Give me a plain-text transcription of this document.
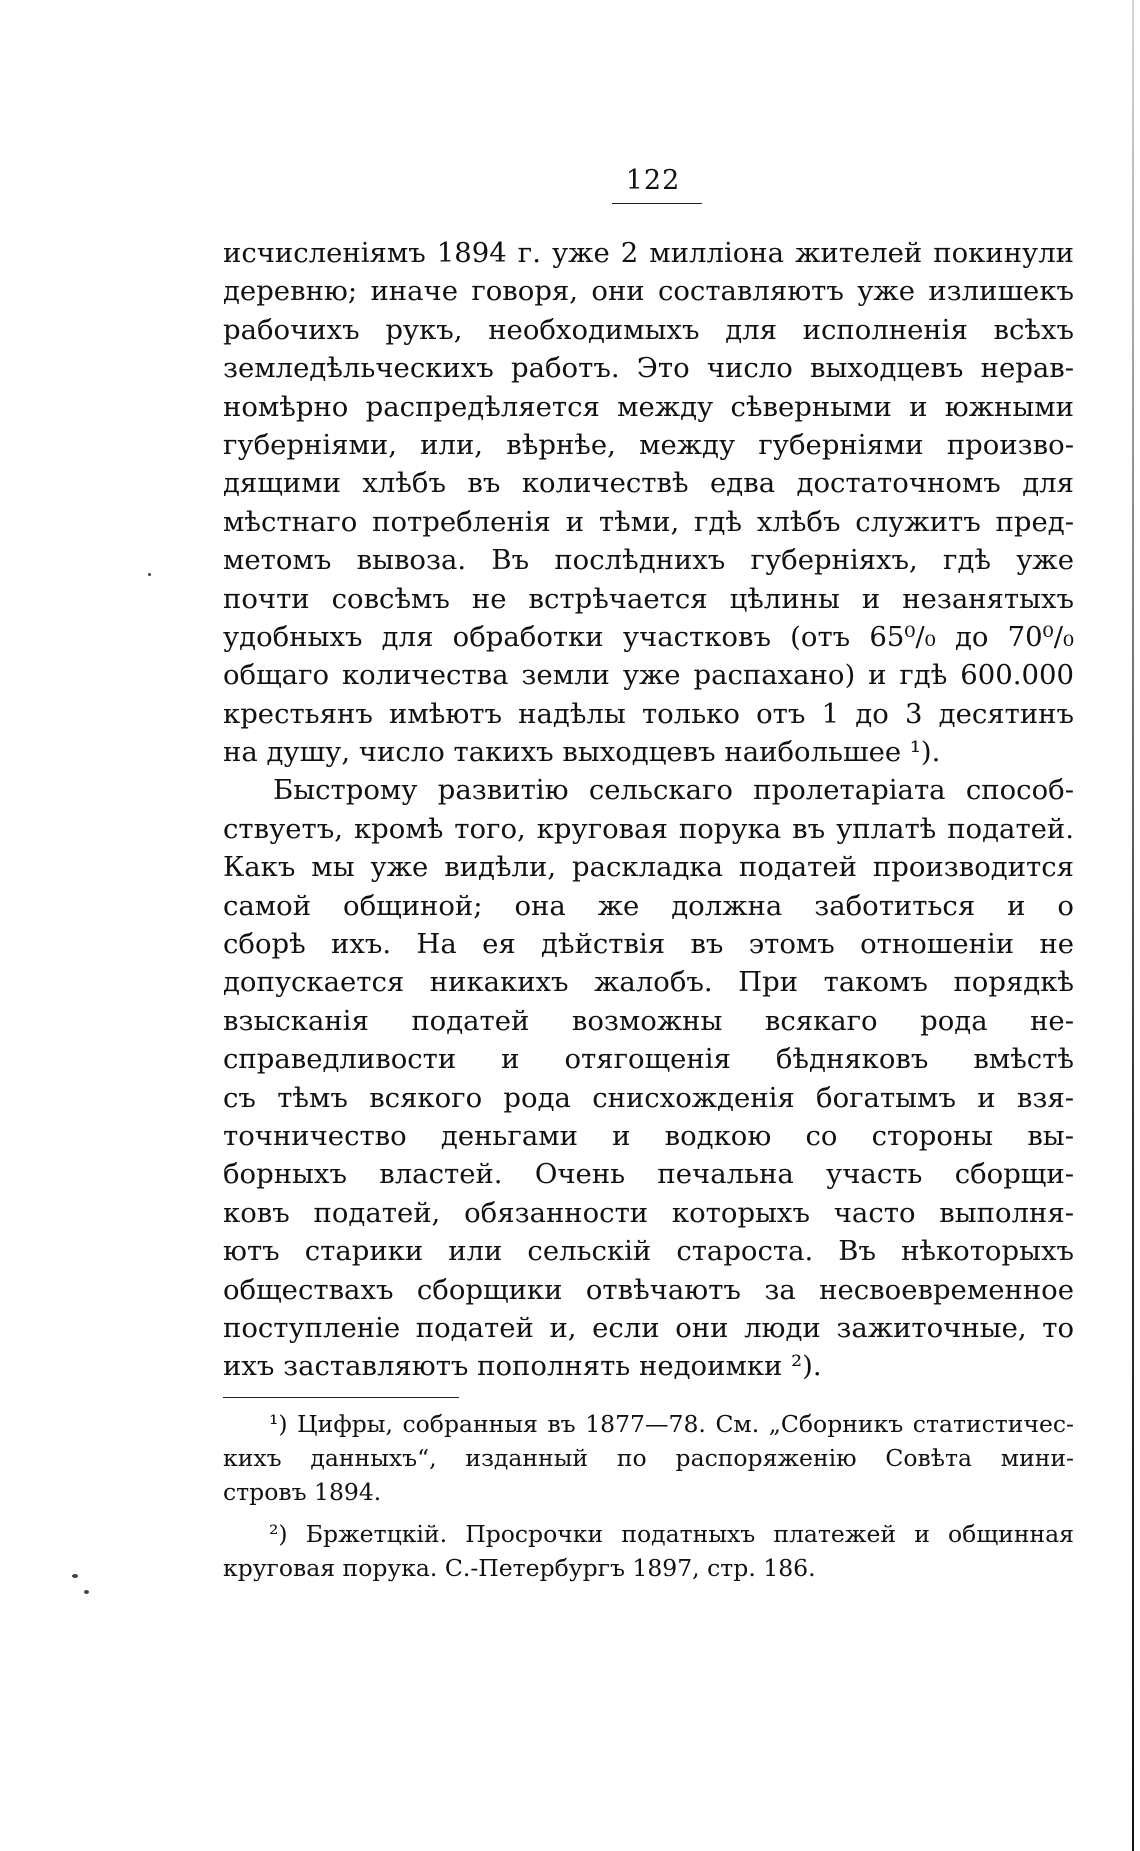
122
исчисленіямъ 1894 г. уже 2 милліона жителей покинули
деревню; иначе говоря, они составляютъ уже излишекъ
рабочихъ рукъ, необходимыхъ для исполненія всѣхъ
земледѣльческихъ работъ. Это число выходцевъ нерав-
номѣрно распредѣляется между сѣверными и южными
губерніями, или, вѣрнѣе, между губерніями произво-
дящими хлѣбъ въ количествѣ едва достаточномъ для
мѣстнаго потребленія и тѣми, гдѣ хлѣбъ служитъ пред-
метомъ вывоза. Въ послѣднихъ губерніяхъ, гдѣ уже
почти совсѣмъ не встрѣчается цѣлины и незанятыхъ
удобныхъ для обработки участковъ (отъ 65⁰/₀ до 70⁰/₀
общаго количества земли уже распахано) и гдѣ 600.000
крестьянъ имѣютъ надѣлы только отъ 1 до 3 десятинъ
на душу, число такихъ выходцевъ наибольшее ¹).
Быстрому развитію сельскаго пролетаріата способ-
ствуетъ, кромѣ того, круговая порука въ уплатѣ податей.
Какъ мы уже видѣли, раскладка податей производится
самой общиной; она же должна заботиться и о
сборѣ ихъ. На ея дѣйствія въ этомъ отношеніи не
допускается никакихъ жалобъ. При такомъ порядкѣ
взысканія податей возможны всякаго рода не-
справедливости и отягощенія бѣдняковъ вмѣстѣ
съ тѣмъ всякого рода снисхожденія богатымъ и взя-
точничество деньгами и водкою со стороны вы-
борныхъ властей. Очень печальна участь сборщи-
ковъ податей, обязанности которыхъ часто выполня-
ютъ старики или сельскій староста. Въ нѣкоторыхъ
обществахъ сборщики отвѣчаютъ за несвоевременное
поступленіе податей и, если они люди зажиточные, то
ихъ заставляютъ пополнять недоимки ²).
¹) Цифры, собранныя въ 1877—78. См. „Сборникъ статистичес-
кихъ данныхъ“, изданный по распоряженію Совѣта мини-
стровъ 1894.
²) Бржетцкій. Просрочки податныхъ платежей и общинная
круговая порука. С.-Петербургъ 1897, стр. 186.
